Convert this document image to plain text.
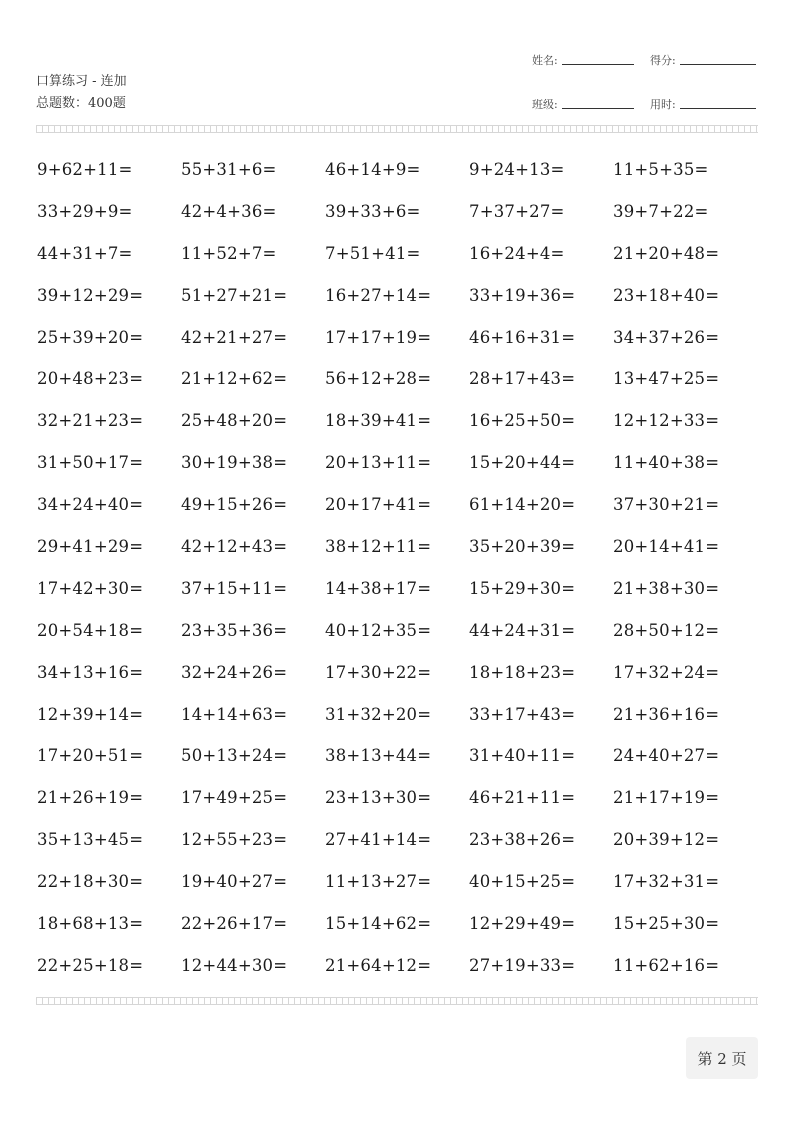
口算练习 - 连加
总题数：400题
姓名:	得分:
班级:	用时:
9+62+11=	55+31+6=	46+14+9=	9+24+13=	11+5+35=
33+29+9=	42+4+36=	39+33+6=	7+37+27=	39+7+22=
44+31+7=	11+52+7=	7+51+41=	16+24+4=	21+20+48=
39+12+29=	51+27+21=	16+27+14=	33+19+36=	23+18+40=
25+39+20=	42+21+27=	17+17+19=	46+16+31=	34+37+26=
20+48+23=	21+12+62=	56+12+28=	28+17+43=	13+47+25=
32+21+23=	25+48+20=	18+39+41=	16+25+50=	12+12+33=
31+50+17=	30+19+38=	20+13+11=	15+20+44=	11+40+38=
34+24+40=	49+15+26=	20+17+41=	61+14+20=	37+30+21=
29+41+29=	42+12+43=	38+12+11=	35+20+39=	20+14+41=
17+42+30=	37+15+11=	14+38+17=	15+29+30=	21+38+30=
20+54+18=	23+35+36=	40+12+35=	44+24+31=	28+50+12=
34+13+16=	32+24+26=	17+30+22=	18+18+23=	17+32+24=
12+39+14=	14+14+63=	31+32+20=	33+17+43=	21+36+16=
17+20+51=	50+13+24=	38+13+44=	31+40+11=	24+40+27=
21+26+19=	17+49+25=	23+13+30=	46+21+11=	21+17+19=
35+13+45=	12+55+23=	27+41+14=	23+38+26=	20+39+12=
22+18+30=	19+40+27=	11+13+27=	40+15+25=	17+32+31=
18+68+13=	22+26+17=	15+14+62=	12+29+49=	15+25+30=
22+25+18=	12+44+30=	21+64+12=	27+19+33=	11+62+16=
第 2 页
